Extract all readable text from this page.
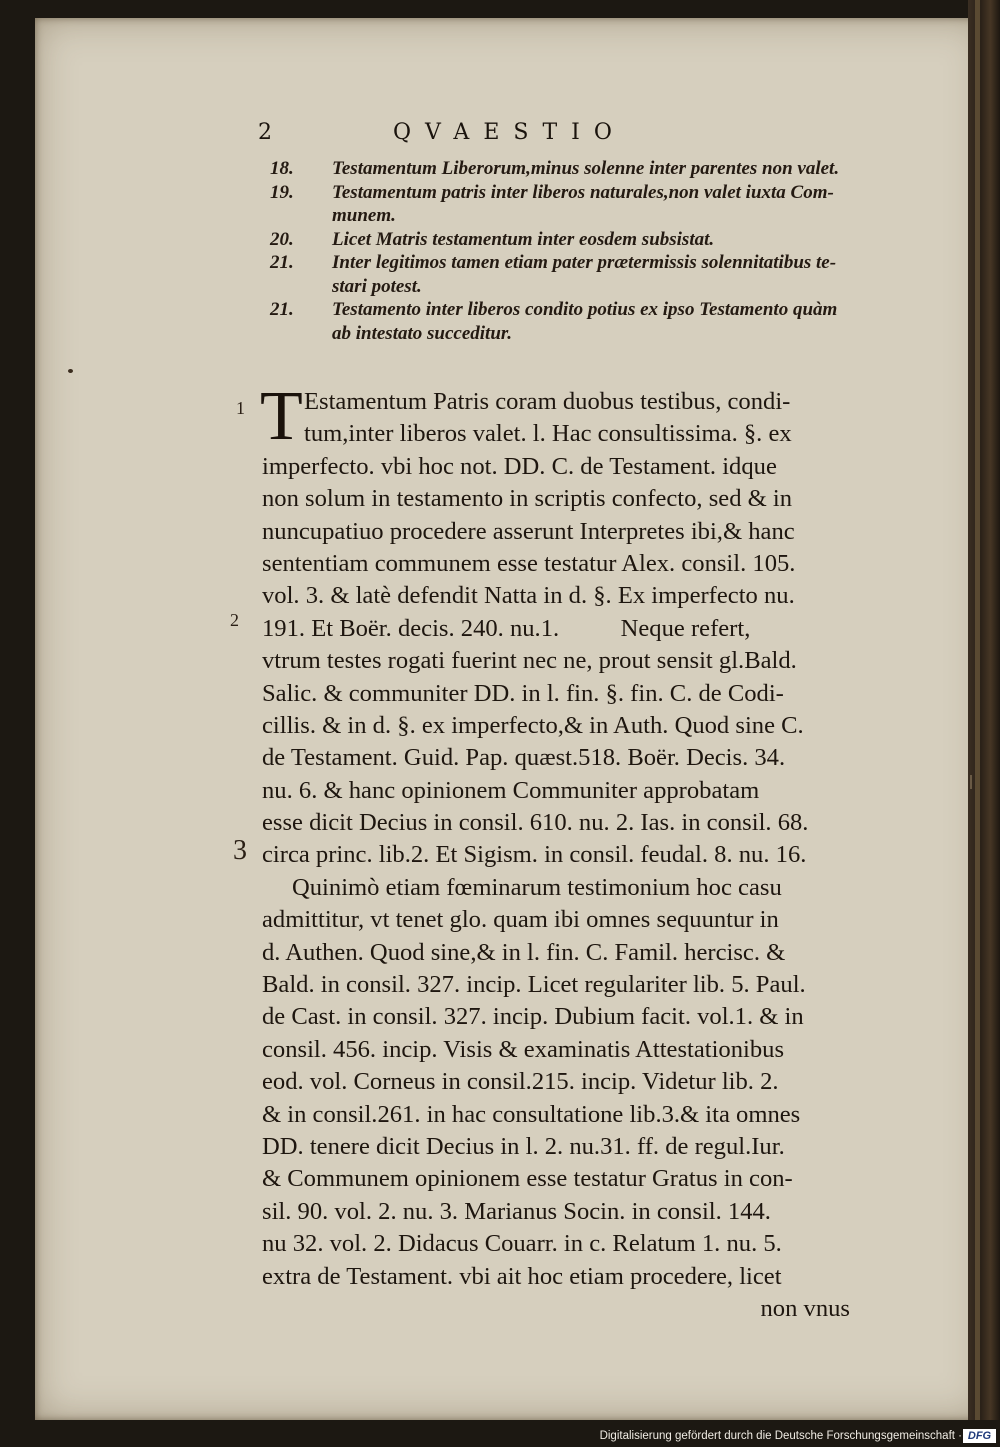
2	QVAESTIO
18.	Testamentum Liberorum,minus solenne inter parentes non valet.
19.	Testamentum patris inter liberos naturales,non valet iuxta Com-
munem.
20.	Licet Matris testamentum inter eosdem subsistat.
21.	Inter legitimos tamen etiam pater prætermissis solennitatibus te-
stari potest.
21.	Testamento inter liberos condito potius ex ipso Testamento quàm
ab intestato succeditur.
1
2
3
T Estamentum Patris coram duobus testibus, condi-
tum,inter liberos valet. l. Hac consultissima. §. ex
imperfecto. vbi hoc not. DD. C. de Testament. idque
non solum in testamento in scriptis confecto, sed & in
nuncupatiuo procedere asserunt Interpretes ibi,& hanc
sententiam communem esse testatur Alex. consil. 105.
vol. 3. & latè defendit Natta in d. §. Ex imperfecto nu.
191. Et Boër. decis. 240. nu.1.          Neque refert,
vtrum testes rogati fuerint nec ne, prout sensit gl.Bald.
Salic. & communiter DD. in l. fin. §. fin. C. de Codi-
cillis. & in d. §. ex imperfecto,& in Auth. Quod sine C.
de Testament. Guid. Pap. quæst.518. Boër. Decis. 34.
nu. 6. & hanc opinionem Communiter approbatam
esse dicit Decius in consil. 610. nu. 2. Ias. in consil. 68.
circa princ. lib.2. Et Sigism. in consil. feudal. 8. nu. 16.
Quinimò etiam fœminarum testimonium hoc casu
admittitur, vt tenet glo. quam ibi omnes sequuntur in
d. Authen. Quod sine,& in l. fin. C. Famil. hercisc. &
Bald. in consil. 327. incip. Licet regulariter lib. 5. Paul.
de Cast. in consil. 327. incip. Dubium facit. vol.1. & in
consil. 456. incip. Visis & examinatis Attestationibus
eod. vol. Corneus in consil.215. incip. Videtur lib. 2.
& in consil.261. in hac consultatione lib.3.& ita omnes
DD. tenere dicit Decius in l. 2. nu.31. ff. de regul.Iur.
& Communem opinionem esse testatur Gratus in con-
sil. 90. vol. 2. nu. 3. Marianus Socin. in consil. 144.
nu 32. vol. 2. Didacus Couarr. in c. Relatum 1. nu. 5.
extra de Testament. vbi ait hoc etiam procedere, licet
non vnus
Digitalisierung gefördert durch die Deutsche Forschungsgemeinschaft · DFG
